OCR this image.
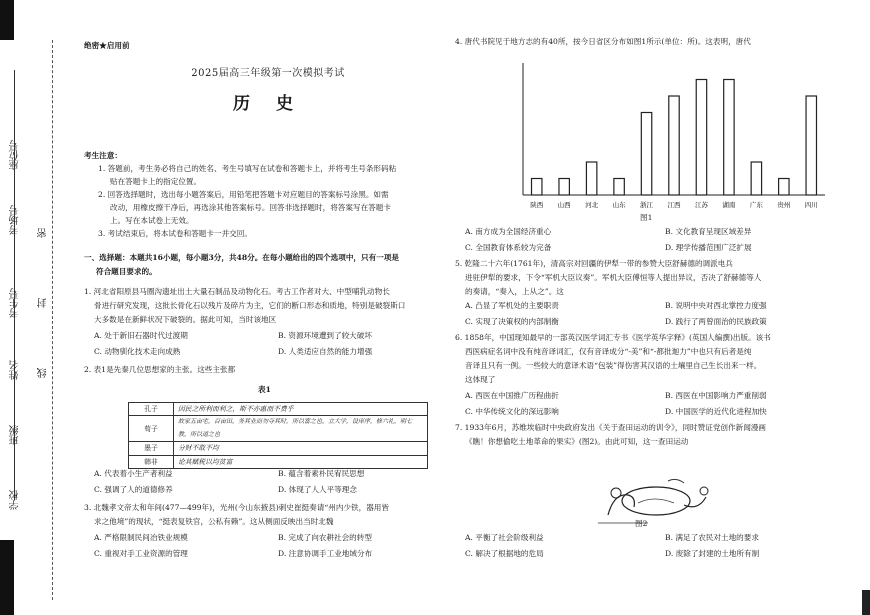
座位号
考场号
考生号
姓名
班级
学校
密
封
线
绝密★启用前
2025届高三年级第一次模拟考试
历 史
考生注意：
1. 答题前，考生务必将自己的姓名、考生号填写在试卷和答题卡上，并将考生号条形码粘
贴在答题卡上的指定位置。
2. 回答选择题时，选出每小题答案后，用铅笔把答题卡对应题目的答案标号涂黑。如需
改动，用橡皮擦干净后，再选涂其他答案标号。回答非选择题时，将答案写在答题卡
上。写在本试卷上无效。
3. 考试结束后，将本试卷和答题卡一并交回。
一、选择题：本题共16小题，每小题3分，共48分。在每小题给出的四个选项中，只有一项是
符合题目要求的。
1. 河北省阳原县马圈沟遗址出土大量石制品及动物化石。考古工作者对大、中型哺乳动物长
骨进行研究发现，这批长骨化石以残片及碎片为主，它们的断口形态和质地，特别是破裂斯口
大多数是在新鲜状况下破裂的。据此可知，当时该地区
A. 处于新旧石器时代过渡期	B. 资源环境遭到了较大破坏
C. 动物驯化技术走向成熟	D. 人类适应自然的能力增强
2. 表1是先秦几位思想家的主张。这些主张都
表1
孔子	因民之所利而利之，斯不亦惠而不费乎
荀子	故家五亩宅，百亩田，务其业而勿夺其时，所以富之也，立大学，设庠序，修六礼，明七教，所以道之也
墨子	分财不敢不均
韩非	论其赋税以均贫富
A. 代表着小生产者利益	B. 蕴含着素朴民宥民思想
C. 强调了人的道德修养	D. 体现了人人平等理念
3. 北魏孝文帝太和年间(477—499年)，光州(今山东掖县)刺史崔挺奏请“州内少铁，器用皆
求之他境”的现状，“挺表复铁官，公私有赖”。这从侧面反映出当时北魏
A. 严格限制民间冶铁业规模	B. 完成了向农耕社会的转型
C. 重视对手工业资源的管理	D. 注意协调手工业地域分布
4. 唐代书院见于地方志的有40所，按今日省区分布如图1所示(单位：所)。这表明，唐代
陕西 山西 河北 山东 浙江 江西 江苏 湖南 广东 贵州 四川
图1
A. 南方成为全国经济重心	B. 文化教育呈现区域差异
C. 全国教育体系较为完备	D. 理学传播范围广泛扩展
5. 乾隆二十六年(1761年)，清高宗对回疆的伊犁一带的参赞大臣舒赫德的调派电兵
进驻伊犁的要求，下令“军机大臣议奏”。军机大臣傅恒等人提出异议，否决了舒赫德等人
的奏请，“奏入，上从之”。这
A. 凸显了军机处的主要职责	B. 说明中央对西北掌控力度强
C. 实现了决策权的内部制衡	D. 践行了两曾面治的民族政策
6. 1858年，中国现知最早的一部英汉医学词汇专书《医学英华字释》(英国人编撰)出版。该书
西医病症名词中没有纯音译词汇，仅有音译成分“-美”和“-都批迦力”中也只有后者是纯
音译且只有一例。一些较大的意译术语“包装”得伤害其汉语的土壤里自己生长出来一样。
这体现了
A. 西医在中国推广历程曲折	B. 西医在中国影响力严重削弱
C. 中华传统文化的深远影响	D. 中国医学的近代化进程加快
7. 1933年6月，苏维埃临时中央政府发出《关于查田运动的训令》，同时赞证党创作新闻漫画
《瞧！你想偷吃土地革命的果实》(图2)。由此可知，这一查田运动
图2
A. 平衡了社会阶级利益	B. 满足了农民对土地的要求
C. 解决了根据地的危局	D. 废除了封建的土地所有制
